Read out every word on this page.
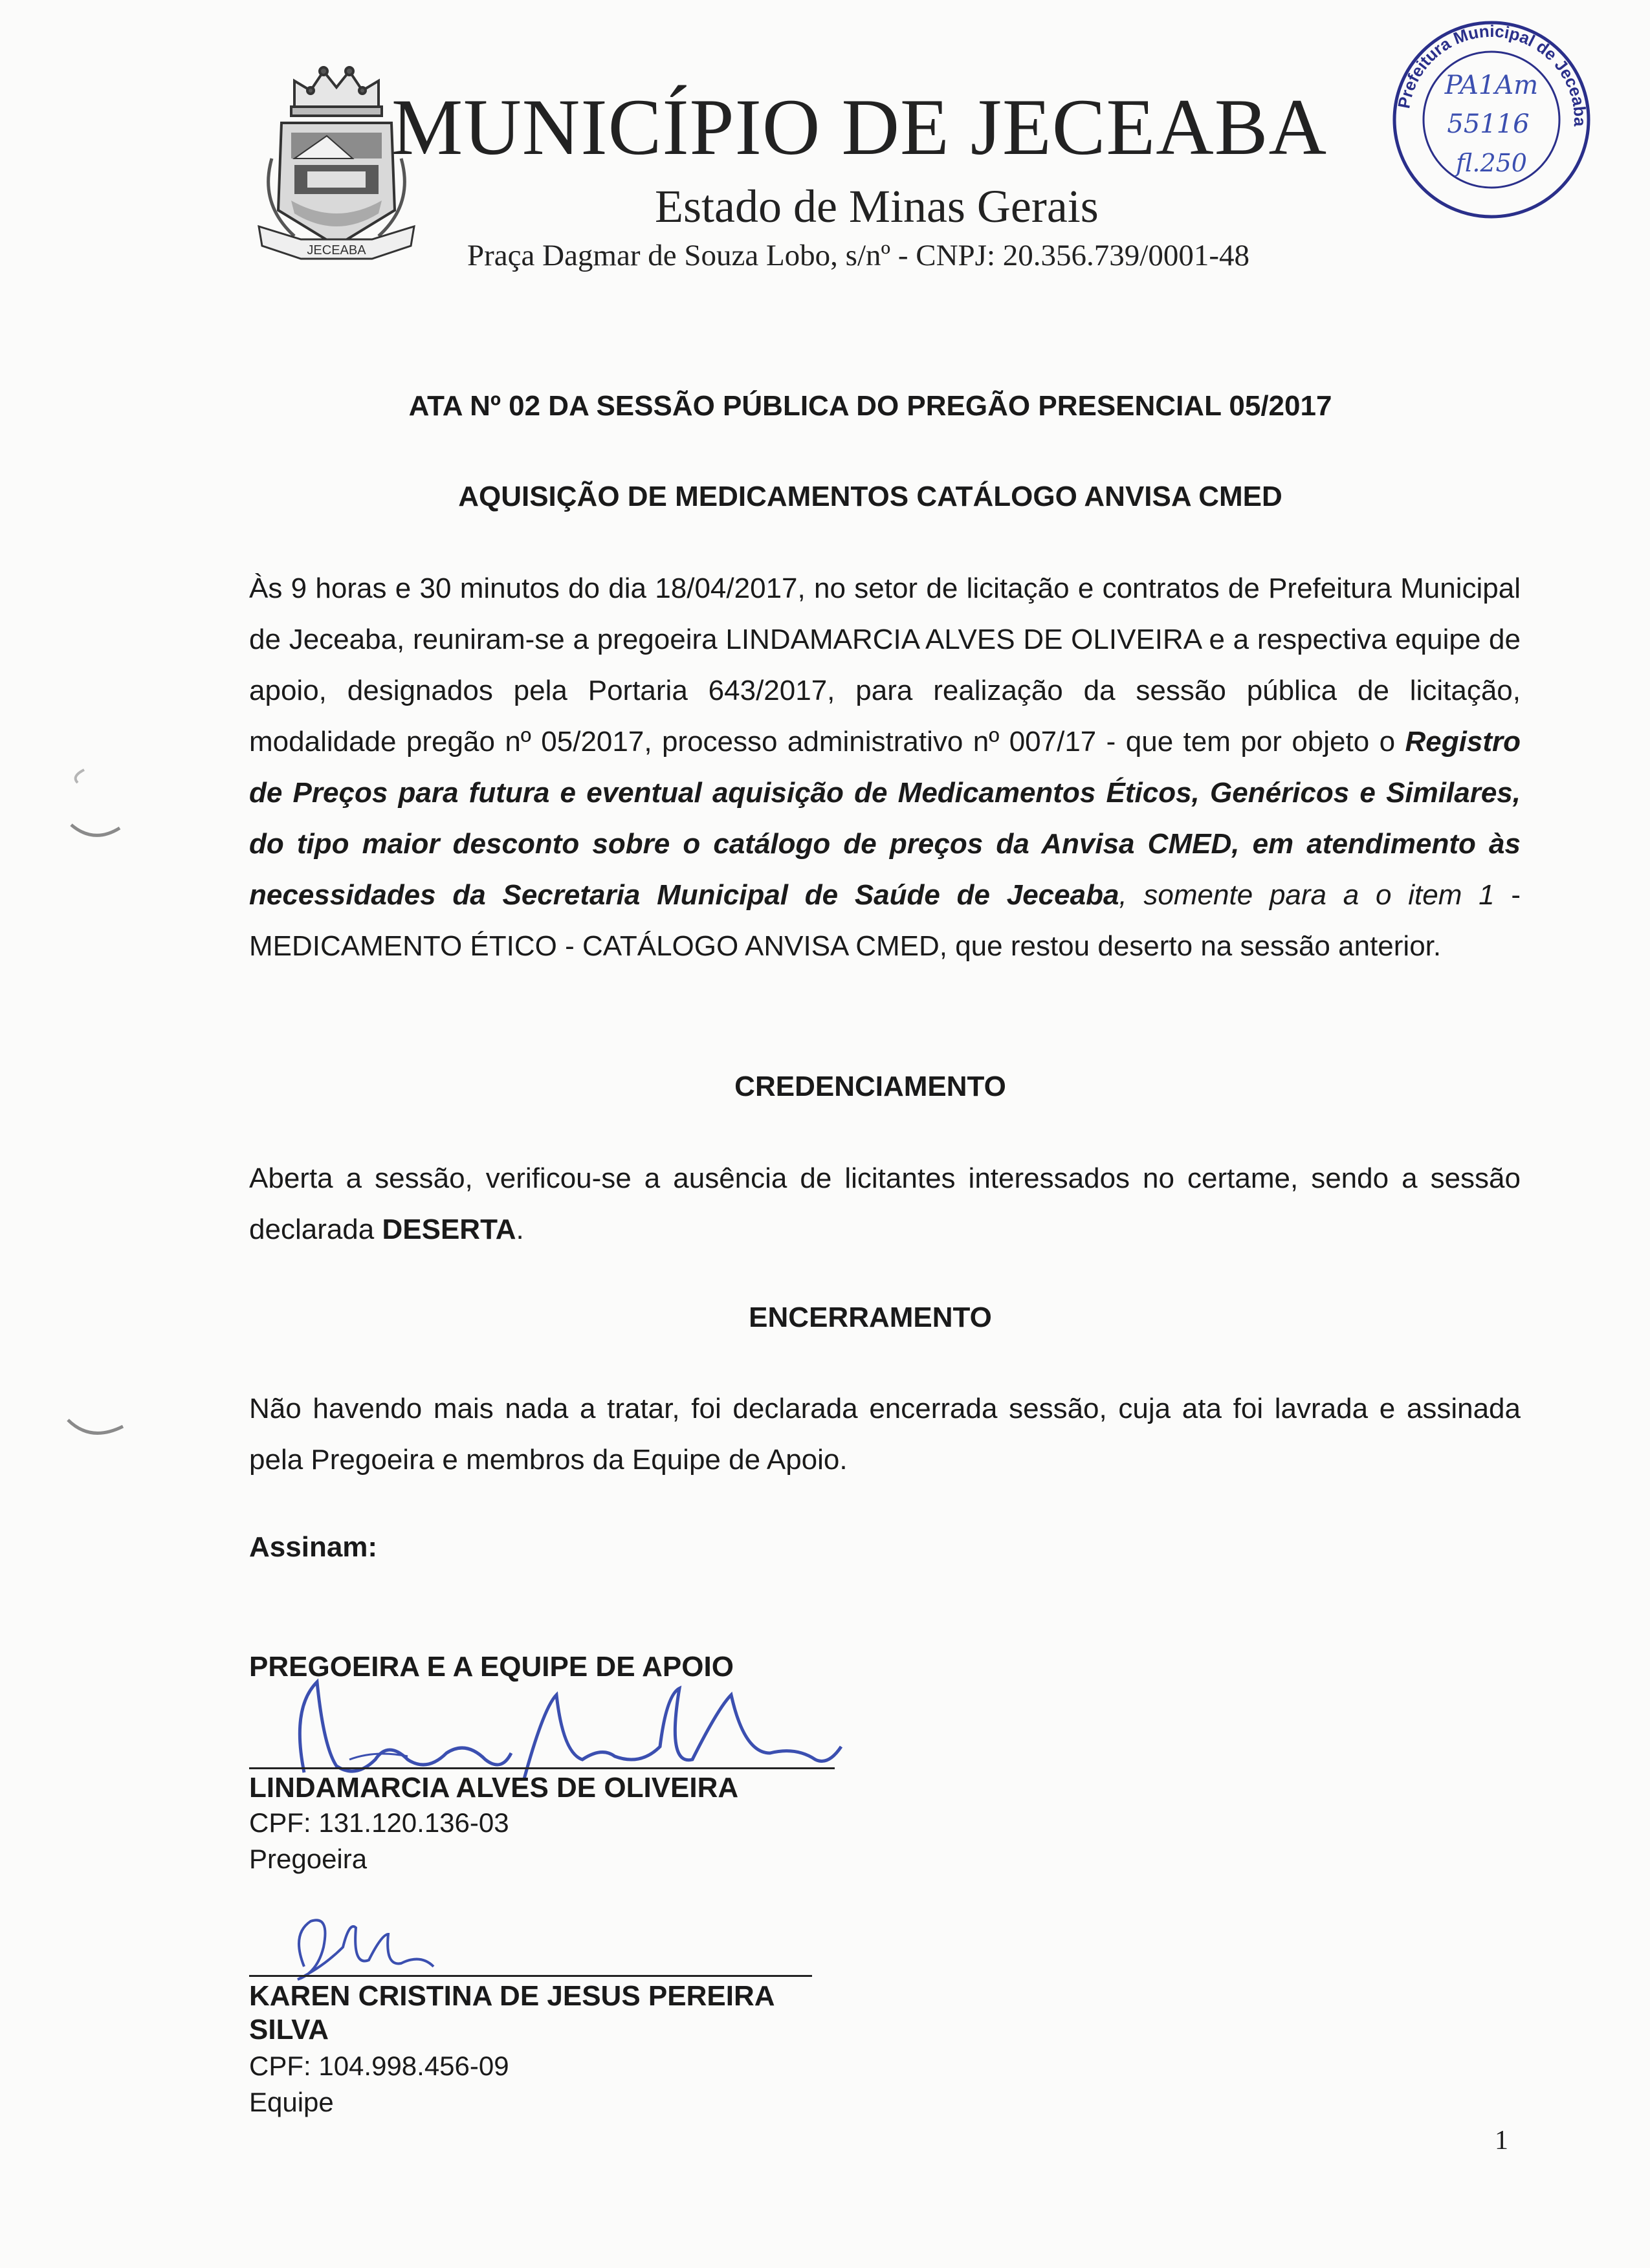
JECEABA
MUNICÍPIO DE JECEABA
Estado de Minas Gerais
Praça Dagmar de Souza Lobo, s/nº - CNPJ: 20.356.739/0001-48
Prefeitura Municipal de Jeceaba
PA1Am
55116
fl.250
ATA Nº 02 DA SESSÃO PÚBLICA DO PREGÃO PRESENCIAL 05/2017
AQUISIÇÃO DE MEDICAMENTOS CATÁLOGO ANVISA CMED
Às 9 horas e 30 minutos do dia 18/04/2017, no setor de licitação e contratos de Prefeitura Municipal de Jeceaba, reuniram-se a pregoeira LINDAMARCIA ALVES DE OLIVEIRA e a respectiva equipe de apoio, designados pela Portaria 643/2017, para realização da sessão pública de licitação, modalidade pregão nº 05/2017, processo administrativo nº 007/17 - que tem por objeto o Registro de Preços para futura e eventual aquisição de Medicamentos Éticos, Genéricos e Similares, do tipo maior desconto sobre o catálogo de preços da Anvisa CMED, em atendimento às necessidades da Secretaria Municipal de Saúde de Jeceaba, somente para a o item 1 - MEDICAMENTO ÉTICO - CATÁLOGO ANVISA CMED, que restou deserto na sessão anterior.
CREDENCIAMENTO
Aberta a sessão, verificou-se a ausência de licitantes interessados no certame, sendo a sessão declarada DESERTA.
ENCERRAMENTO
Não havendo mais nada a tratar, foi declarada encerrada sessão, cuja ata foi lavrada e assinada pela Pregoeira e membros da Equipe de Apoio.
Assinam:
PREGOEIRA E A EQUIPE DE APOIO
LINDAMARCIA ALVES DE OLIVEIRA
CPF: 131.120.136-03
Pregoeira
KAREN CRISTINA DE JESUS PEREIRA
SILVA
CPF: 104.998.456-09
Equipe
1
